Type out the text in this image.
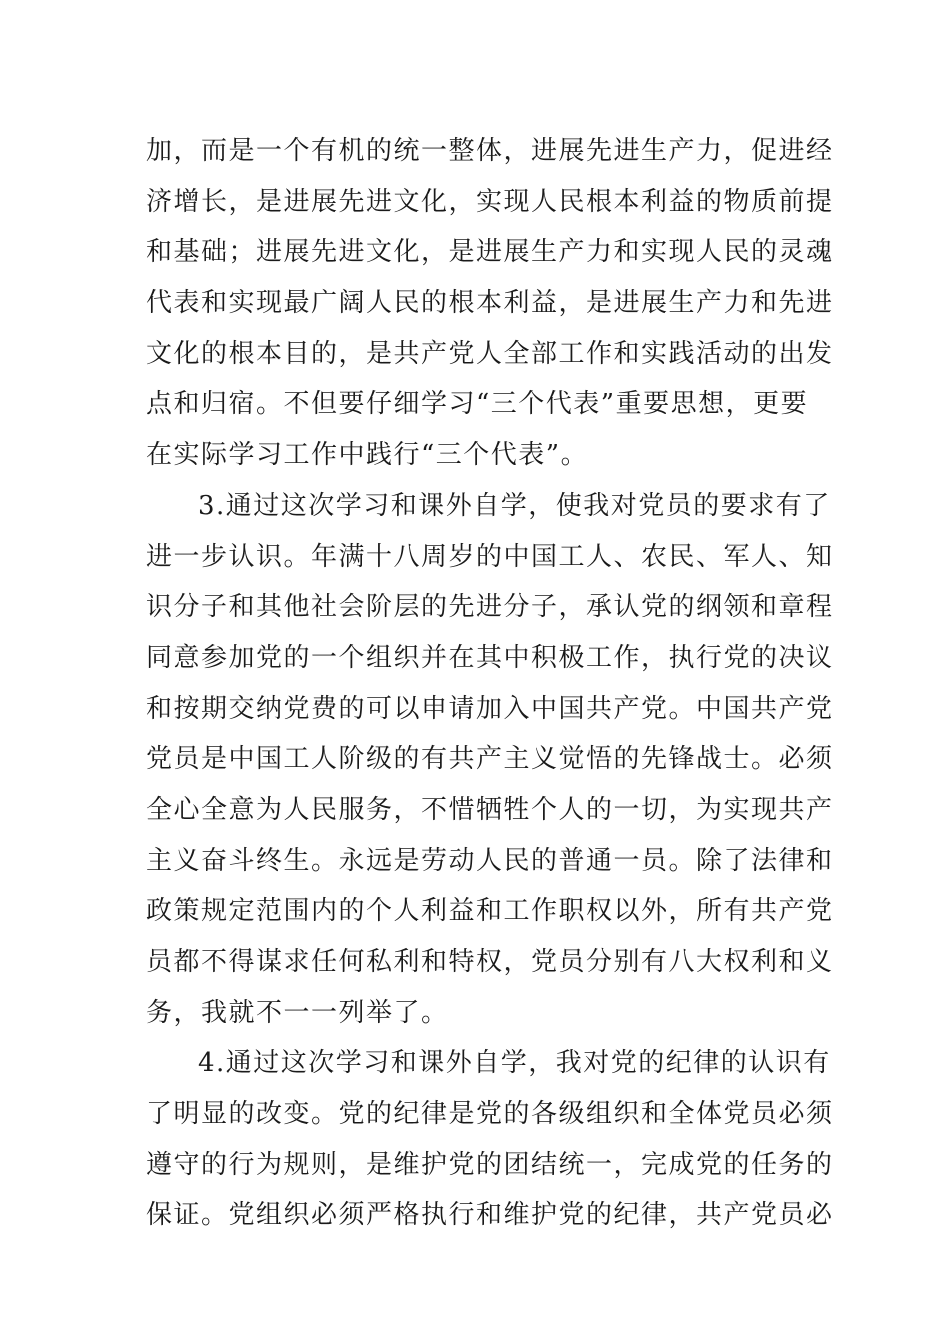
加，而是一个有机的统一整体，进展先进生产力，促进经
济增长，是进展先进文化，实现人民根本利益的物质前提
和基础；进展先进文化，是进展生产力和实现人民的灵魂
代表和实现最广阔人民的根本利益，是进展生产力和先进
文化的根本目的，是共产党人全部工作和实践活动的出发
点和归宿。不但要仔细学习“三个代表”重要思想，更要
在实际学习工作中践行“三个代表”。
3.通过这次学习和课外自学，使我对党员的要求有了
进一步认识。年满十八周岁的中国工人、农民、军人、知
识分子和其他社会阶层的先进分子，承认党的纲领和章程
同意参加党的一个组织并在其中积极工作，执行党的决议
和按期交纳党费的可以申请加入中国共产党。中国共产党
党员是中国工人阶级的有共产主义觉悟的先锋战士。必须
全心全意为人民服务，不惜牺牲个人的一切，为实现共产
主义奋斗终生。永远是劳动人民的普通一员。除了法律和
政策规定范围内的个人利益和工作职权以外，所有共产党
员都不得谋求任何私利和特权，党员分别有八大权利和义
务，我就不一一列举了。
4.通过这次学习和课外自学，我对党的纪律的认识有
了明显的改变。党的纪律是党的各级组织和全体党员必须
遵守的行为规则，是维护党的团结统一，完成党的任务的
保证。党组织必须严格执行和维护党的纪律，共产党员必
